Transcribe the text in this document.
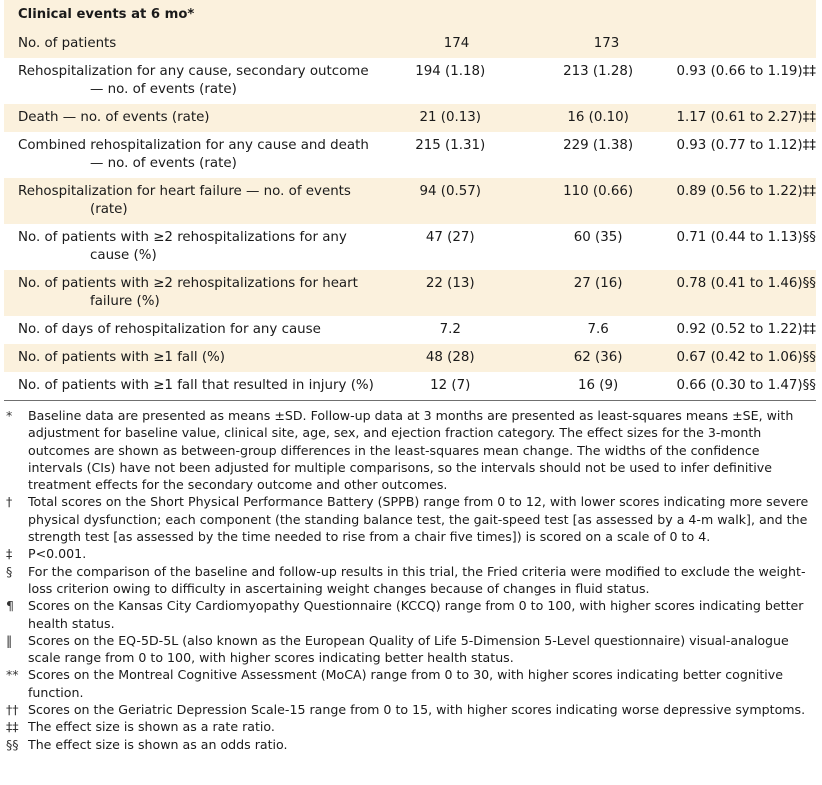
Clinical events at 6 mo*
No. of patients	174	173
Rehospitalization for any cause, secondary outcome
— no. of events (rate)
194 (1.18)	213 (1.28)	0.93 (0.66 to 1.19)‡‡
Death — no. of events (rate)	21 (0.13)	16 (0.10)	1.17 (0.61 to 2.27)‡‡
Combined rehospitalization for any cause and death
— no. of events (rate)
215 (1.31)	229 (1.38)	0.93 (0.77 to 1.12)‡‡
Rehospitalization for heart failure — no. of events
(rate)
94 (0.57)	110 (0.66)	0.89 (0.56 to 1.22)‡‡
No. of patients with ≥2 rehospitalizations for any
cause (%)
47 (27)	60 (35)	0.71 (0.44 to 1.13)§§
No. of patients with ≥2 rehospitalizations for heart
failure (%)
22 (13)	27 (16)	0.78 (0.41 to 1.46)§§
No. of days of rehospitalization for any cause	7.2	7.6	0.92 (0.52 to 1.22)‡‡
No. of patients with ≥1 fall (%)	48 (28)	62 (36)	0.67 (0.42 to 1.06)§§
No. of patients with ≥1 fall that resulted in injury (%)	12 (7)	16 (9)	0.66 (0.30 to 1.47)§§
*	Baseline data are presented as means ±SD. Follow-up data at 3 months are presented as least-squares means ±SE, with adjustment for baseline value, clinical site, age, sex, and ejection fraction category. The effect sizes for the 3-month outcomes are shown as between-group differences in the least-squares mean change. The widths of the confidence intervals (CIs) have not been adjusted for multiple comparisons, so the intervals should not be used to infer definitive treatment effects for the secondary outcome and other outcomes.
†	Total scores on the Short Physical Performance Battery (SPPB) range from 0 to 12, with lower scores indicating more severe physical dysfunction; each component (the standing balance test, the gait-speed test [as assessed by a 4-m walk], and the strength test [as assessed by the time needed to rise from a chair five times]) is scored on a scale of 0 to 4.
‡	P<0.001.
§	For the comparison of the baseline and follow-up results in this trial, the Fried criteria were modified to exclude the weight-loss criterion owing to difficulty in ascertaining weight changes because of changes in fluid status.
¶	Scores on the Kansas City Cardiomyopathy Questionnaire (KCCQ) range from 0 to 100, with higher scores indicating better health status.
‖	Scores on the EQ-5D-5L (also known as the European Quality of Life 5-Dimension 5-Level questionnaire) visual-analogue scale range from 0 to 100, with higher scores indicating better health status.
** Scores on the Montreal Cognitive Assessment (MoCA) range from 0 to 30, with higher scores indicating better cognitive function.
†† Scores on the Geriatric Depression Scale-15 range from 0 to 15, with higher scores indicating worse depressive symptoms.
‡‡ The effect size is shown as a rate ratio.
§§ The effect size is shown as an odds ratio.
